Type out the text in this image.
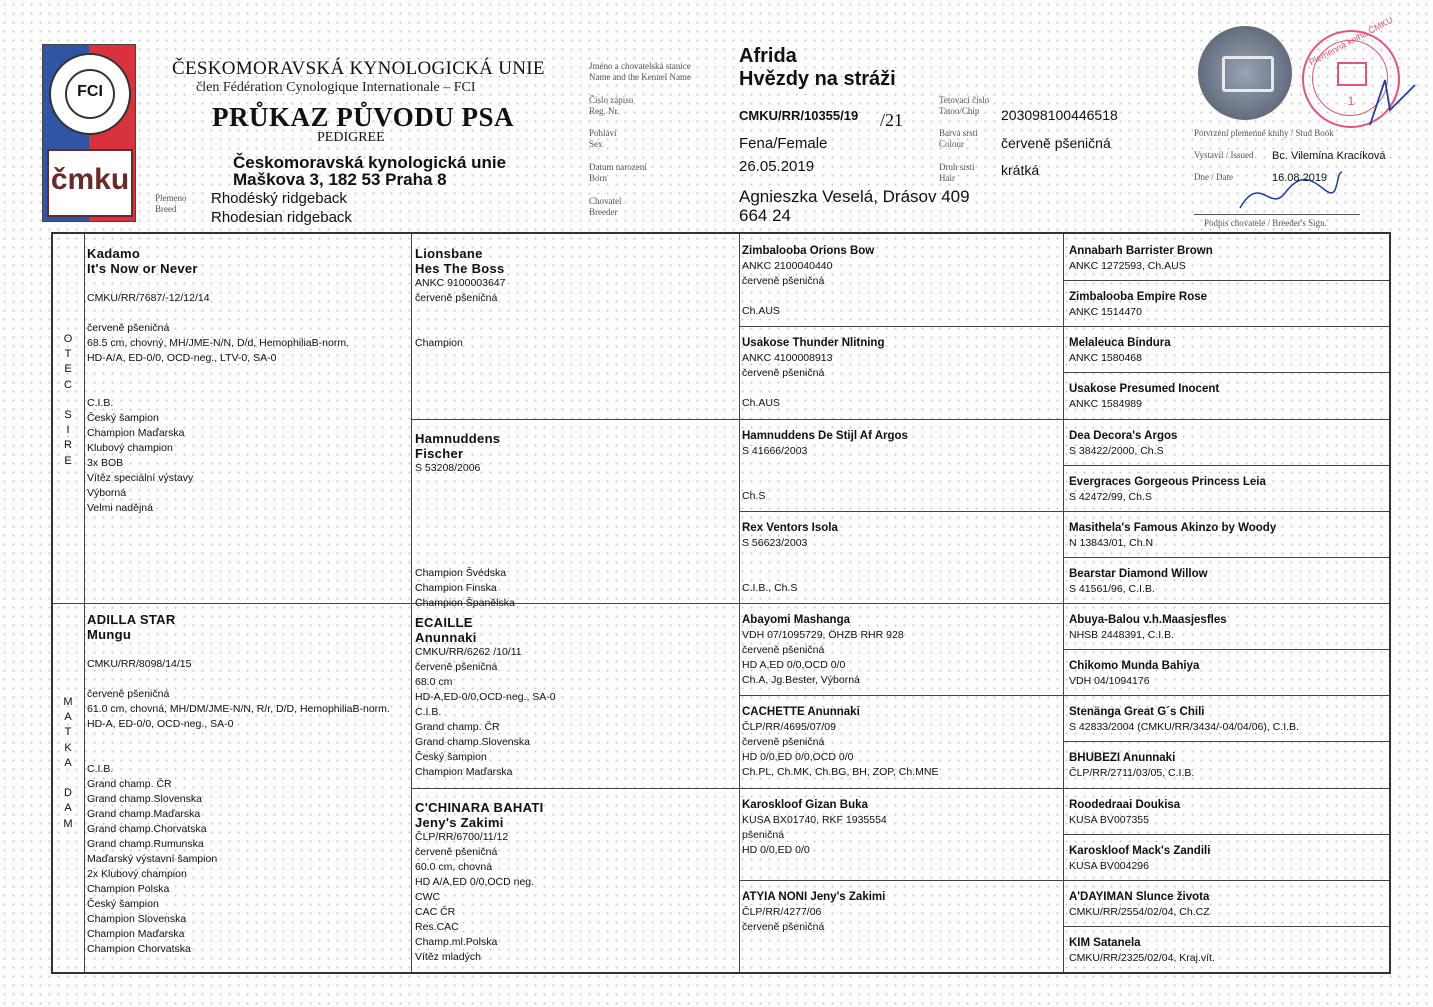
FCI
čmku
ČESKOMORAVSKÁ KYNOLOGICKÁ UNIE
člen Fédération Cynologique Internationale – FCI
PRŮKAZ PŮVODU PSA
PEDIGREE
Českomoravská kynologická unie
Maškova 3, 182 53 Praha 8
Plemeno
Breed
Rhodéský ridgeback
Rhodesian ridgeback
Jméno a chovatelská stanice
Name and the Kennel Name
Číslo zápisu
Reg. Nr.
Pohlaví
Sex
Datum narození
Born
Chovatel
Breeder
Afrida
Hvězdy na stráži
CMKU/RR/10355/19 /21
Fena/Female
26.05.2019
Agnieszka Veselá, Drásov 409
664 24
Tetovací číslo
Tatoo/Chip
Barva srsti
Colour
Druh srsti
Hair
203098100446518
červeně pšeničná
krátká
Plemenná kniha ČMKU
1
Potvrzení plemenné knihy / Stud Book
Vystavil / Issued Bc. Vilemína Kracíková
Dne / Date	16.08.2019
Podpis chovatele / Breeder's Sign.
O
T
E
C

S
I
R
E
M
A
T
K
A

D
A
M
Kadamo
It's Now or Never

CMKU/RR/7687/-12/12/14

červeně pšeničná
68.5 cm, chovný, MH/JME-N/N, D/d, HemophiliaB-norm.
HD-A/A, ED-0/0, OCD-neg., LTV-0, SA-0

C.I.B.
Český šampion
Champion Maďarska
Klubový champion
3x BOB
Vítěz speciální výstavy
Výborná
Velmi nadějná
ADILLA STAR
Mungu

CMKU/RR/8098/14/15

červeně pšeničná
61.0 cm, chovná, MH/DM/JME-N/N, R/r, D/D, HemophiliaB-norm.
HD-A, ED-0/0, OCD-neg., SA-0

C.I.B.
Grand champ. ČR
Grand champ.Slovenska
Grand champ.Maďarska
Grand champ.Chorvatska
Grand champ.Rumunska
Maďarský výstavní šampion
2x Klubový champion
Champion Polska
Český šampion
Champion Slovenska
Champion Maďarska
Champion Chorvatska
Lionsbane
Hes The Boss
ANKC 9100003647
červeně pšeničná

Champion
Hamnuddens
Fischer
S 53208/2006

Champion Švédska
Champion Finska
Champion Španělska
ECAILLE
Anunnaki
CMKU/RR/6262 /10/11
červeně pšeničná
68.0 cm
HD-A,ED-0/0,OCD-neg., SA-0
C.I.B.
Grand champ. ČR
Grand champ.Slovenska
Český šampion
Champion Maďarska
C'CHINARA BAHATI
Jeny's Zakimi
ČLP/RR/6700/11/12
červeně pšeničná
60.0 cm, chovná
HD A/A,ED 0/0,OCD neg.
CWC
CAC ČR
Res.CAC
Champ.ml.Polska
Vítěz mladých
Zimbalooba Orions Bow
ANKC 2100040440
červeně pšeničná

Ch.AUS
Usakose Thunder Nlitning
ANKC 4100008913
červeně pšeničná

Ch.AUS
Hamnuddens De Stijl Af Argos
S 41666/2003

Ch.S
Rex Ventors Isola
S 56623/2003

C.I.B., Ch.S
Abayomi Mashanga
VDH 07/1095729, ÖHZB RHR 928
červeně pšeničná
HD A,ED 0/0,OCD 0/0
Ch.A, Jg.Bester, Výborná
CACHETTE Anunnaki
ČLP/RR/4695/07/09
červeně pšeničná
HD 0/0,ED 0/0,OCD 0/0
Ch.PL, Ch.MK, Ch.BG, BH, ZOP, Ch.MNE
Karoskloof Gizan Buka
KUSA BX01740, RKF 1935554
pšeničná
HD 0/0,ED 0/0

ATYIA NONI Jeny's Zakimi
ČLP/RR/4277/06
červeně pšeničná

Annabarh Barrister Brown
ANKC 1272593, Ch.AUS
Zimbalooba Empire Rose
ANKC 1514470
Melaleuca Bindura
ANKC 1580468
Usakose Presumed Inocent
ANKC 1584989
Dea Decora's Argos
S 38422/2000, Ch.S
Evergraces Gorgeous Princess Leia
S 42472/99, Ch.S
Masithela's Famous Akinzo by Woody
N 13843/01, Ch.N
Bearstar Diamond Willow
S 41561/96, C.I.B.
Abuya-Balou v.h.Maasjesfles
NHSB 2448391, C.I.B.
Chikomo Munda Bahiya
VDH 04/1094176
Stenänga Great G´s Chili
S 42833/2004 (CMKU/RR/3434/-04/04/06), C.I.B.
BHUBEZI Anunnaki
ČLP/RR/2711/03/05, C.I.B.
Roodedraai Doukisa
KUSA BV007355
Karoskloof Mack's Zandili
KUSA BV004296
A'DAYIMAN Slunce života
CMKU/RR/2554/02/04, Ch.CZ
KIM Satanela
CMKU/RR/2325/02/04, Kraj.vít.
